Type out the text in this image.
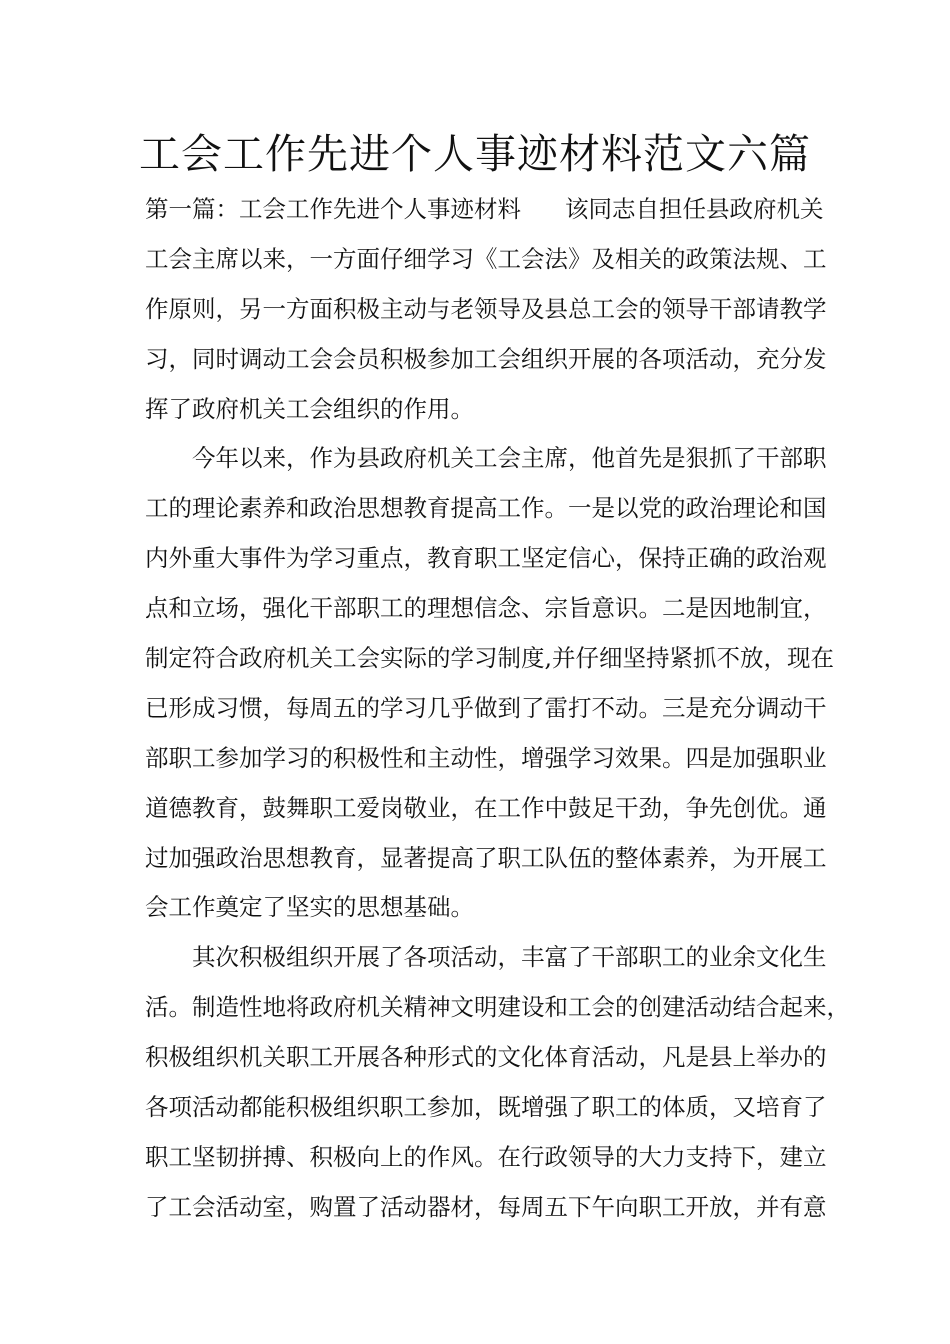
工会工作先进个人事迹材料范文六篇
第一篇：工会工作先进个人事迹材料 该同志自担任县政府机关
工会主席以来，一方面仔细学习《工会法》及相关的政策法规、工
作原则，另一方面积极主动与老领导及县总工会的领导干部请教学
习，同时调动工会会员积极参加工会组织开展的各项活动，充分发
挥了政府机关工会组织的作用。
今年以来，作为县政府机关工会主席，他首先是狠抓了干部职
工的理论素养和政治思想教育提高工作。一是以党的政治理论和国
内外重大事件为学习重点，教育职工坚定信心，保持正确的政治观
点和立场，强化干部职工的理想信念、宗旨意识。二是因地制宜，
制定符合政府机关工会实际的学习制度,并仔细坚持紧抓不放，现在
已形成习惯，每周五的学习几乎做到了雷打不动。三是充分调动干
部职工参加学习的积极性和主动性，增强学习效果。四是加强职业
道德教育，鼓舞职工爱岗敬业，在工作中鼓足干劲，争先创优。通
过加强政治思想教育，显著提高了职工队伍的整体素养，为开展工
会工作奠定了坚实的思想基础。
其次积极组织开展了各项活动，丰富了干部职工的业余文化生
活。制造性地将政府机关精神文明建设和工会的创建活动结合起来，
积极组织机关职工开展各种形式的文化体育活动，凡是县上举办的
各项活动都能积极组织职工参加，既增强了职工的体质，又培育了
职工坚韧拼搏、积极向上的作风。在行政领导的大力支持下，建立
了工会活动室，购置了活动器材，每周五下午向职工开放，并有意
